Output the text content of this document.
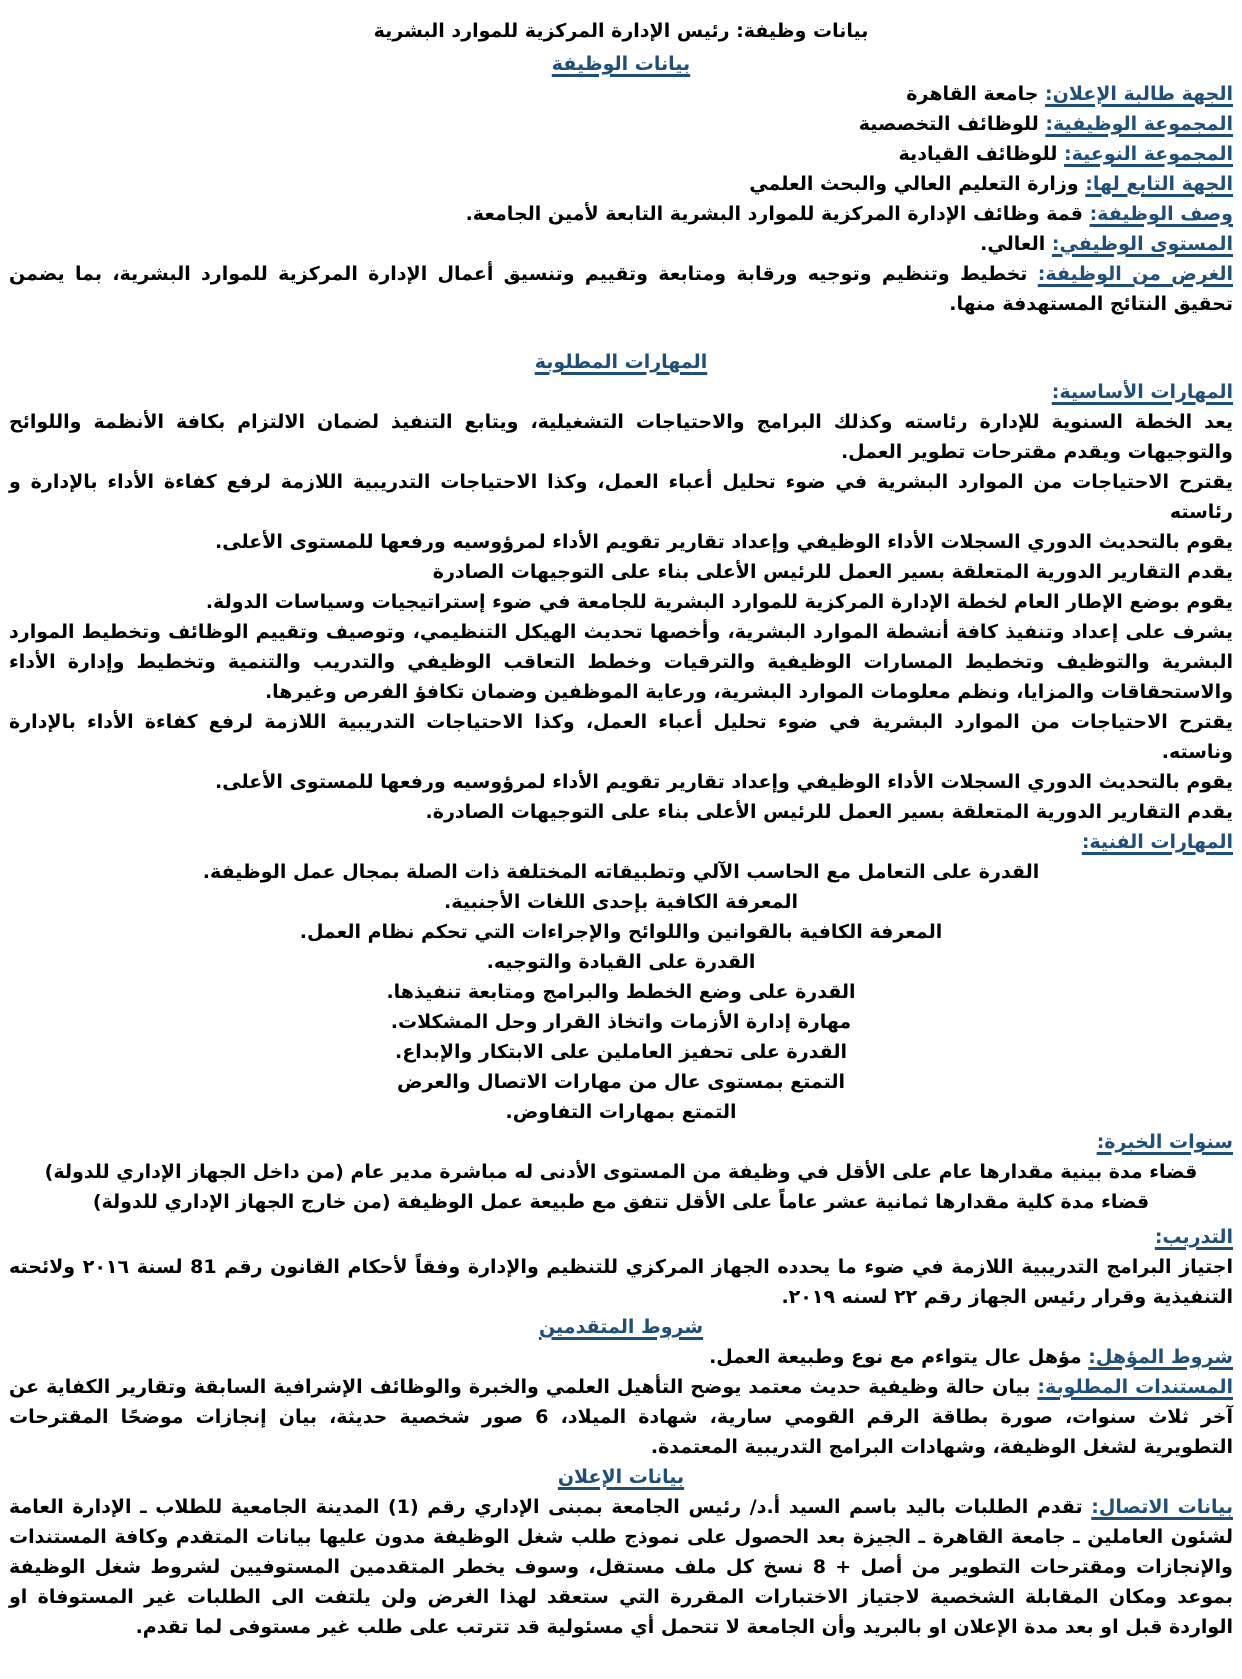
بيانات وظيفة: رئيس الإدارة المركزية للموارد البشرية

بيانات الوظيفة

الجهة طالبة الإعلان: جامعة القاهرة

المجموعة الوظيفية: للوظائف التخصصية

المجموعة النوعية: للوظائف القيادية

الجهة التابع لها: وزارة التعليم العالي والبحث العلمي

وصف الوظيفة: قمة وظائف الإدارة المركزية للموارد البشرية التابعة لأمين الجامعة.

المستوى الوظيفي: العالي.

الغرض من الوظيفة: تخطيط وتنظيم وتوجيه ورقابة ومتابعة وتقييم وتنسيق أعمال الإدارة المركزية للموارد البشرية، بما يضمن تحقيق النتائج المستهدفة منها.

المهارات المطلوبة

المهارات الأساسية:

يعد الخطة السنوية للإدارة رئاسته وكذلك البرامج والاحتياجات التشغيلية، ويتابع التنفيذ لضمان الالتزام بكافة الأنظمة واللوائح والتوجيهات ويقدم مقترحات تطوير العمل.

يقترح الاحتياجات من الموارد البشرية في ضوء تحليل أعباء العمل، وكذا الاحتياجات التدريبية اللازمة لرفع كفاءة الأداء بالإدارة و رئاسته

يقوم بالتحديث الدوري السجلات الأداء الوظيفي وإعداد تقارير تقويم الأداء لمرؤوسيه ورفعها للمستوى الأعلى.

يقدم التقارير الدورية المتعلقة بسير العمل للرئيس الأعلى بناء على التوجيهات الصادرة

يقوم بوضع الإطار العام لخطة الإدارة المركزية للموارد البشرية للجامعة في ضوء إستراتيجيات وسياسات الدولة.

يشرف على إعداد وتنفيذ كافة أنشطة الموارد البشرية، وأخصها تحديث الهيكل التنظيمي، وتوصيف وتقييم الوظائف وتخطيط الموارد البشرية والتوظيف وتخطيط المسارات الوظيفية والترقيات وخطط التعاقب الوظيفي والتدريب والتنمية وتخطيط وإدارة الأداء والاستحقاقات والمزايا، ونظم معلومات الموارد البشرية، ورعاية الموظفين وضمان تكافؤ الفرص وغيرها.

يقترح الاحتياجات من الموارد البشرية في ضوء تحليل أعباء العمل، وكذا الاحتياجات التدريبية اللازمة لرفع كفاءة الأداء بالإدارة وناسته.

يقوم بالتحديث الدوري السجلات الأداء الوظيفي وإعداد تقارير تقويم الأداء لمرؤوسيه ورفعها للمستوى الأعلى.

يقدم التقارير الدورية المتعلقة بسير العمل للرئيس الأعلى بناء على التوجيهات الصادرة.

المهارات الفنية:

القدرة على التعامل مع الحاسب الآلي وتطبيقاته المختلفة ذات الصلة بمجال عمل الوظيفة.

المعرفة الكافية بإحدى اللغات الأجنبية.

المعرفة الكافية بالقوانين واللوائح والإجراءات التي تحكم نظام العمل.

القدرة على القيادة والتوجيه.

القدرة على وضع الخطط والبرامج ومتابعة تنفيذها.

مهارة إدارة الأزمات واتخاذ القرار وحل المشكلات.

القدرة على تحفيز العاملين على الابتكار والإبداع.

التمتع بمستوى عال من مهارات الاتصال والعرض

التمتع بمهارات التفاوض.

سنوات الخبرة:

قضاء مدة بينية مقدارها عام على الأقل في وظيفة من المستوى الأدنى له مباشرة مدير عام (من داخل الجهاز الإداري للدولة)

قضاء مدة كلية مقدارها ثمانية عشر عاماً على الأقل تتفق مع طبيعة عمل الوظيفة (من خارج الجهاز الإداري للدولة)

التدريب:

اجتياز البرامج التدريبية اللازمة في ضوء ما يحدده الجهاز المركزي للتنظيم والإدارة وفقاً لأحكام القانون رقم 81 لسنة ٢٠١٦ ولائحته التنفيذية وقرار رئيس الجهاز رقم ٢٢ لسنه ٢٠١٩.

شروط المتقدمين

شروط المؤهل: مؤهل عال يتواءم مع نوع وطبيعة العمل.

المستندات المطلوبة: بيان حالة وظيفية حديث معتمد يوضح التأهيل العلمي والخبرة والوظائف الإشرافية السابقة وتقارير الكفاية عن آخر ثلاث سنوات، صورة بطاقة الرقم القومي سارية، شهادة الميلاد، 6 صور شخصية حديثة، بيان إنجازات موضحًا المقترحات التطويرية لشغل الوظيفة، وشهادات البرامج التدريبية المعتمدة.

بيانات الإعلان

بيانات الاتصال: تقدم الطلبات باليد باسم السيد أ.د/ رئيس الجامعة بمبنى الإداري رقم (1) المدينة الجامعية للطلاب ـ الإدارة العامة لشئون العاملين ـ جامعة القاهرة ـ الجيزة بعد الحصول على نموذج طلب شغل الوظيفة مدون عليها بيانات المتقدم وكافة المستندات والإنجازات ومقترحات التطوير من أصل + 8 نسخ كل ملف مستقل، وسوف يخطر المتقدمين المستوفيين لشروط شغل الوظيفة بموعد ومكان المقابلة الشخصية لاجتياز الاختبارات المقررة التي ستعقد لهذا الغرض ولن يلتفت الى الطلبات غير المستوفاة او الواردة قبل او بعد مدة الإعلان او بالبريد وأن الجامعة لا تتحمل أي مسئولية قد تترتب على طلب غير مستوفى لما تقدم.
